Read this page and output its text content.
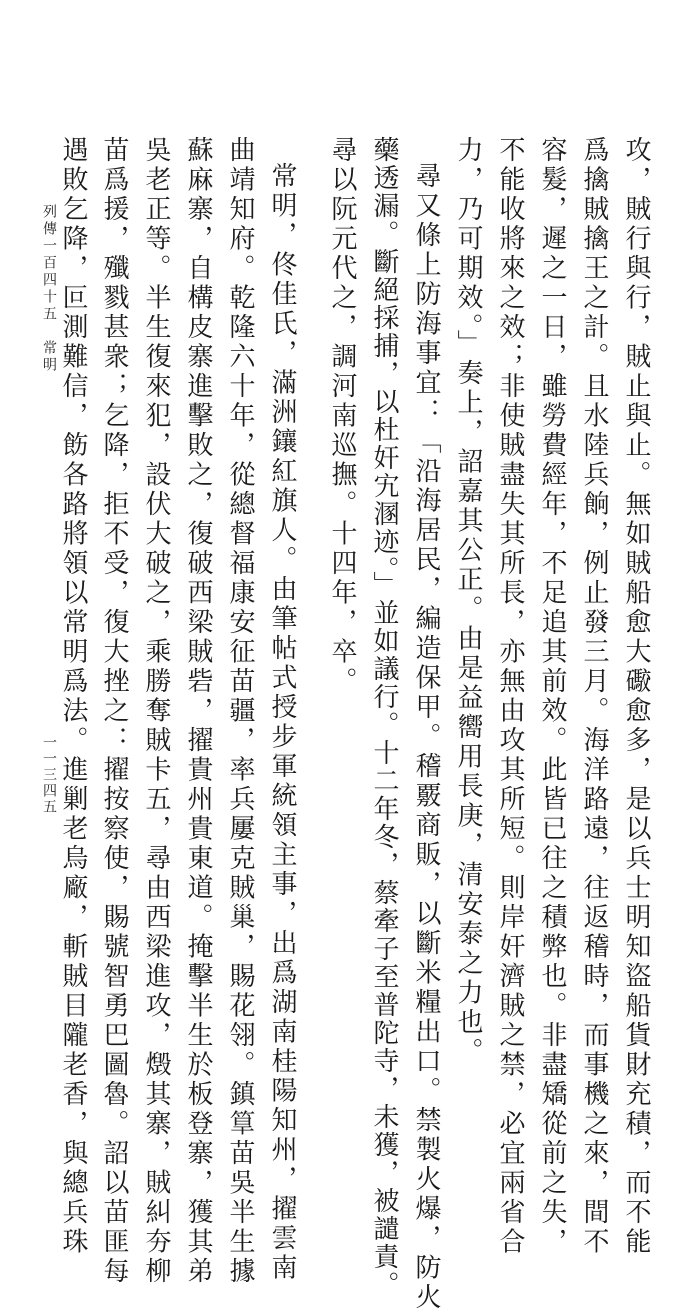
攻，賊行與行，賊止與止。無如賊船愈大礮愈多，是以兵士明知盜船貨財充積，而不能
爲擒賊擒王之計。且水陸兵餉，例止發三月。海洋路遠，往返稽時，而事機之來，間不
容髮，遲之一日，雖勞費經年，不足追其前效。此皆已往之積弊也。非盡矯從前之失，
不能收將來之效；非使賊盡失其所長，亦無由攻其所短。則岸奸濟賊之禁，必宜兩省合
力，乃可期效。」奏上，詔嘉其公正。由是益嚮用長庚，清安泰之力也。
尋又條上防海事宜：「沿海居民，編造保甲。稽覈商販，以斷米糧出口。禁製火爆，防火
藥透漏。斷絕採捕，以杜奸宄溷迹。」並如議行。十二年冬，蔡牽子至普陀寺，未獲，被譴責。
尋以阮元代之，調河南巡撫。十四年，卒。
常明，佟佳氏，滿洲鑲紅旗人。由筆帖式授步軍統領主事，出爲湖南桂陽知州，擢雲南
曲靖知府。乾隆六十年，從總督福康安征苗疆，率兵屢克賊巢，賜花翎。鎮筸苗吳半生據
蘇麻寨，自構皮寨進擊敗之，復破西梁賊砦，擢貴州貴東道。掩擊半生於板登寨，獲其弟
吳老正等。半生復來犯，設伏大破之，乘勝奪賊卡五，尋由西梁進攻，燬其寨，賊糾夯柳
苗爲援，殲戮甚衆；乞降，拒不受，復大挫之：擢按察使，賜號智勇巴圖魯。詔以苗匪每
遇敗乞降，叵測難信，飭各路將領以常明爲法。進剿老烏廠，斬賊目隴老香，與總兵珠
列傳一百四十五　常明
一一三四五
